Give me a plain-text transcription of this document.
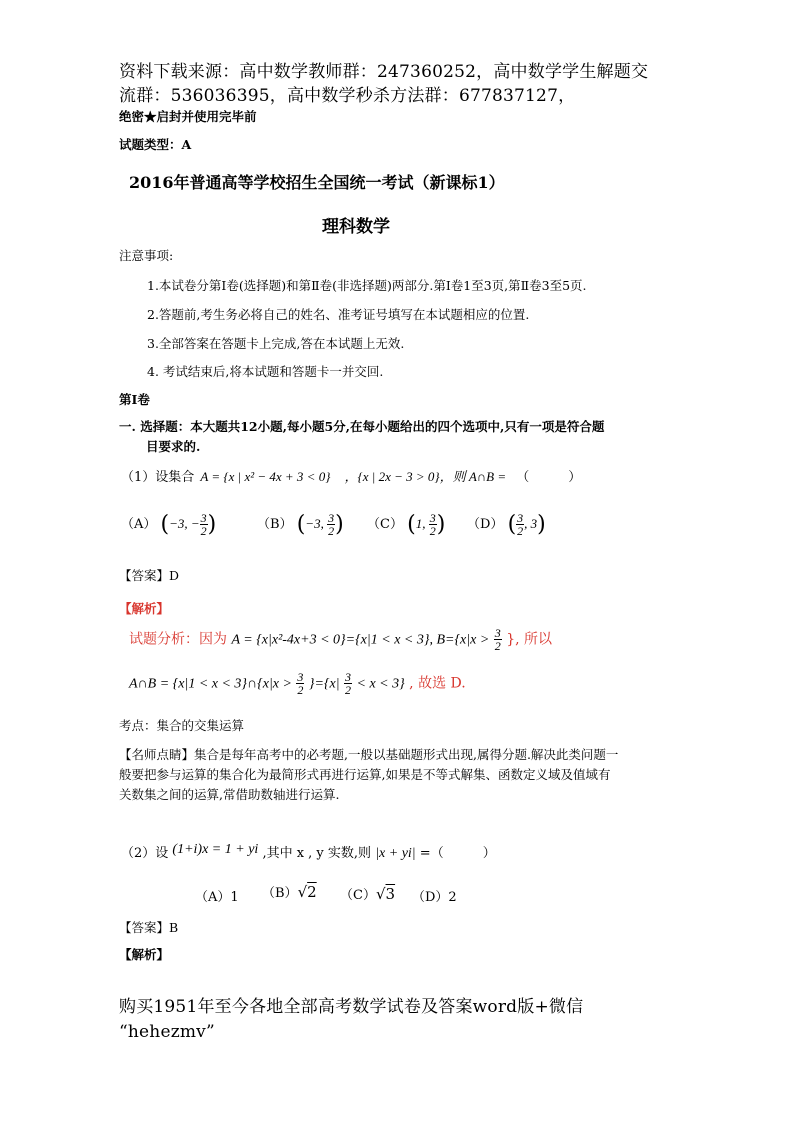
资料下载来源：高中数学教师群：247360252，高中数学学生解题交
流群：536036395，高中数学秒杀方法群：677837127，
绝密★启封并使用完毕前
试题类型：A
2016年普通高等学校招生全国统一考试（新课标1）
理科数学
注意事项:
1.本试卷分第Ⅰ卷(选择题)和第Ⅱ卷(非选择题)两部分.第Ⅰ卷1至3页,第Ⅱ卷3至5页.
2.答题前,考生务必将自己的姓名、准考证号填写在本试题相应的位置.
3.全部答案在答题卡上完成,答在本试题上无效.
4. 考试结束后,将本试题和答题卡一并交回.
第Ⅰ卷
一. 选择题：本大题共12小题,每小题5分,在每小题给出的四个选项中,只有一项是符合题
目要求的.
（1）设集合 A = {x | x² − 4x + 3 < 0} ，{x | 2x − 3 > 0}，则 A∩B = （　　　）
（A） (−3, − $\frac{3}{2}$ )	（B） (−3, $\frac{3}{2}$ ) （C） (1, $\frac{3}{2}$ ) （D） ( $\frac{3}{2}$ , 3)
【答案】D
【解析】
试题分析：因为 A = {x|x²-4x+3 < 0}={x|1 < x < 3}, $B=\{x|x > \frac{3}{2}$ }, 所以
A∩B = {x|1 < x < 3}∩{x|x > $\frac{3}{2} \}=\{x| \frac{3}{2} < x < 3\}$ , 故选 D.
考点：集合的交集运算
【名师点睛】集合是每年高考中的必考题,一般以基础题形式出现,属得分题.解决此类问题一
般要把参与运算的集合化为最简形式再进行运算,如果是不等式解集、函数定义域及值域有
关数集之间的运算,常借助数轴进行运算.
（2）设 (1+i)x = 1 + yi ,其中 x , y 实数,则 |x + yi| =（　　　）
（A）1 （B）√2 （C）√3 （D）2
【答案】B
【解析】
购买1951年至今各地全部高考数学试卷及答案word版+微信
“hehezmv”
